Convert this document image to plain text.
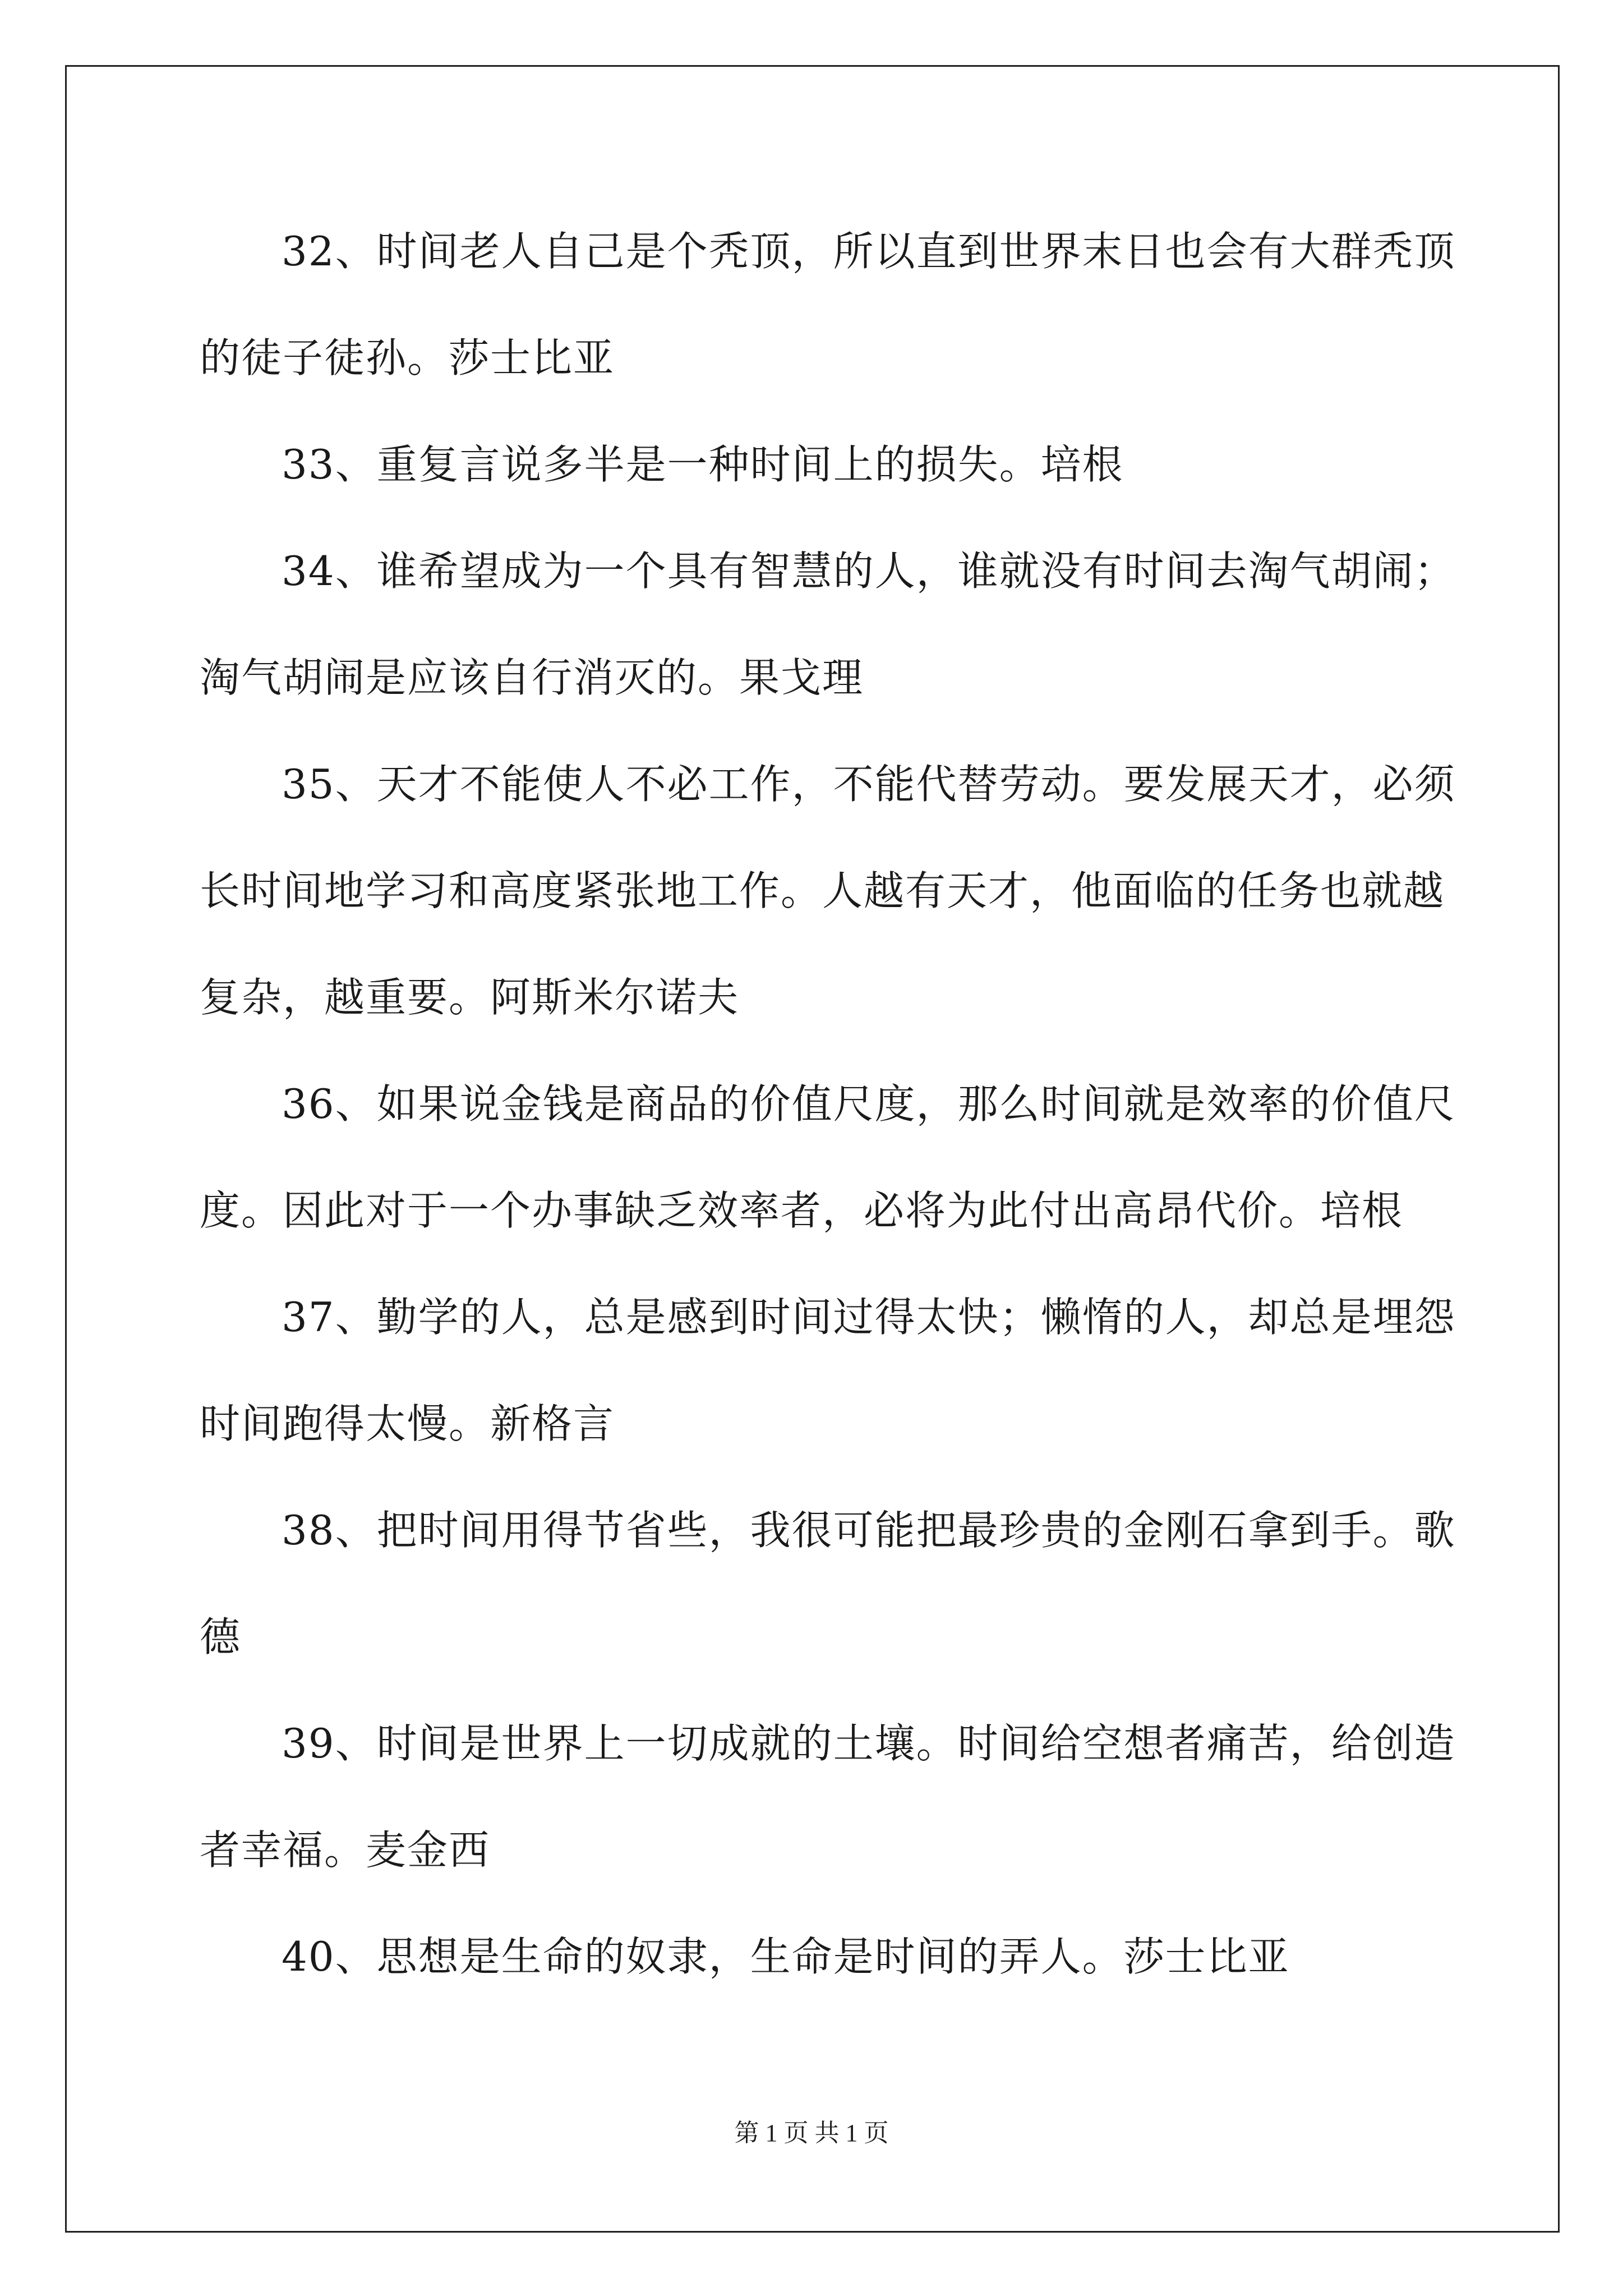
32、时间老人自己是个秃顶，所以直到世界末日也会有大群秃顶
的徒子徒孙。莎士比亚
33、重复言说多半是一种时间上的损失。培根
34、谁希望成为一个具有智慧的人，谁就没有时间去淘气胡闹；
淘气胡闹是应该自行消灭的。果戈理
35、天才不能使人不必工作，不能代替劳动。要发展天才，必须
长时间地学习和高度紧张地工作。人越有天才，他面临的任务也就越
复杂，越重要。阿斯米尔诺夫
36、如果说金钱是商品的价值尺度，那么时间就是效率的价值尺
度。因此对于一个办事缺乏效率者，必将为此付出高昂代价。培根
37、勤学的人，总是感到时间过得太快；懒惰的人，却总是埋怨
时间跑得太慢。新格言
38、把时间用得节省些，我很可能把最珍贵的金刚石拿到手。歌
德
39、时间是世界上一切成就的土壤。时间给空想者痛苦，给创造
者幸福。麦金西
40、思想是生命的奴隶，生命是时间的弄人。莎士比亚
第 1 页 共 1 页
